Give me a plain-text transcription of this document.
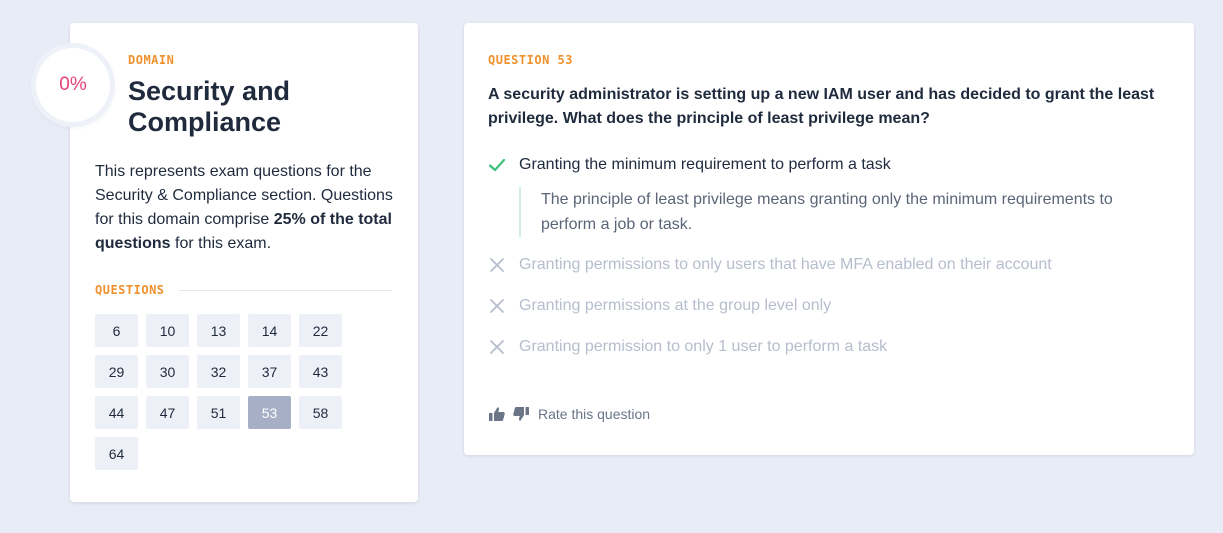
0%
DOMAIN
Security and Compliance

This represents exam questions for the Security & Compliance section. Questions for this domain comprise 25% of the total questions for this exam.

QUESTIONS
6	10	13	14	22
29	30	32	37	43
44	47	51	53	58
64
QUESTION 53

A security administrator is setting up a new IAM user and has decided to grant the least privilege. What does the principle of least privilege mean?

Granting the minimum requirement to perform a task

The principle of least privilege means granting only the minimum requirements to perform a job or task.

Granting permissions to only users that have MFA enabled on their account
Granting permissions at the group level only
Granting permission to only 1 user to perform a task
Rate this question
